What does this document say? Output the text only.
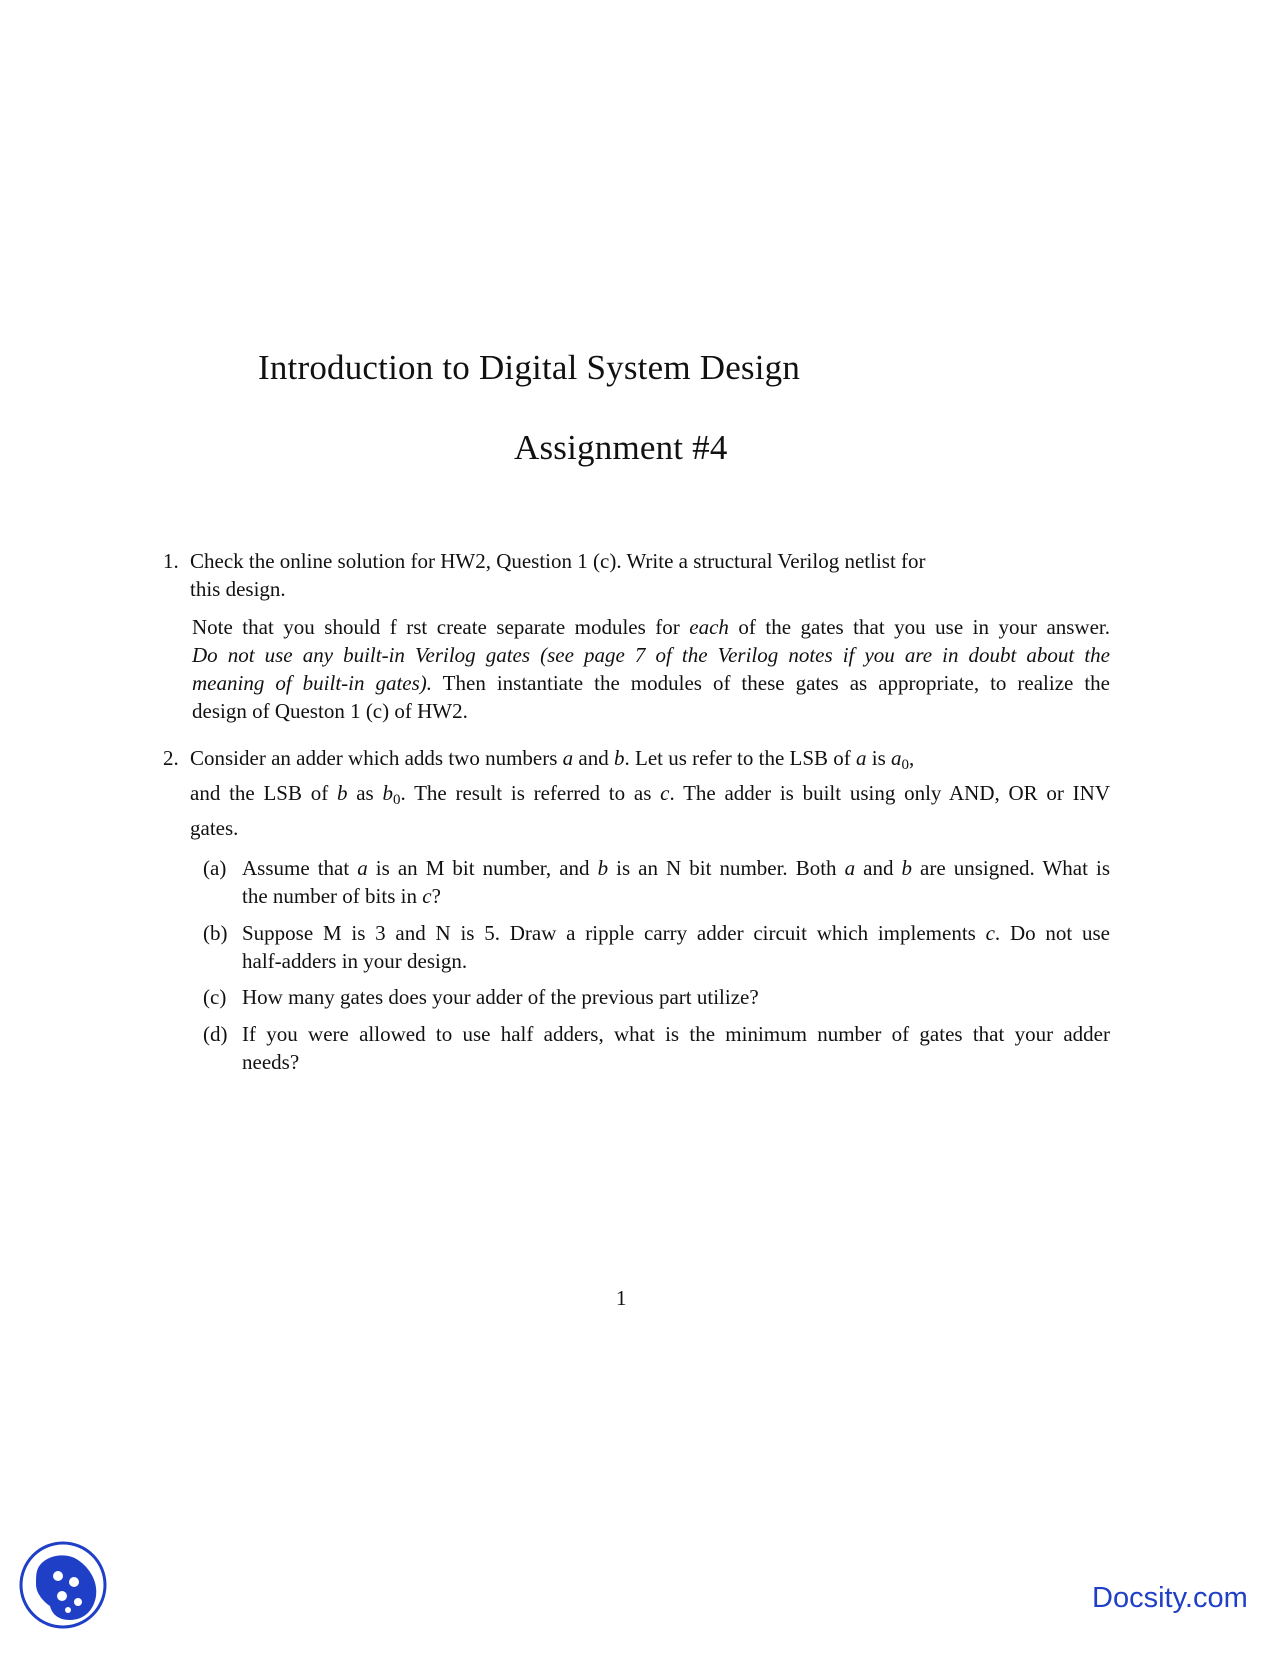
Introduction to Digital System Design
Assignment #4
1. Check the online solution for HW2, Question 1 (c). Write a structural Verilog netlist for
this design.
Note that you should f rst create separate modules for each of the gates that you use in your answer.
Do not use any built-in Verilog gates (see page 7 of the Verilog notes if you are in doubt about the
meaning of built-in gates). Then instantiate the modules of these gates as appropriate, to realize the
design of Queston 1 (c) of HW2.
2. Consider an adder which adds two numbers a and b. Let us refer to the LSB of a is $a_0$,
and the LSB of b as $b_0$. The result is referred to as c. The adder is built using only AND, OR or INV
gates.
(a) Assume that a is an M bit number, and b is an N bit number. Both a and b are unsigned. What is
the number of bits in c?
(b) Suppose M is 3 and N is 5. Draw a ripple carry adder circuit which implements c. Do not use
half-adders in your design.
(c) How many gates does your adder of the previous part utilize?
(d) If you were allowed to use half adders, what is the minimum number of gates that your adder
needs?
1
Docsity.com
